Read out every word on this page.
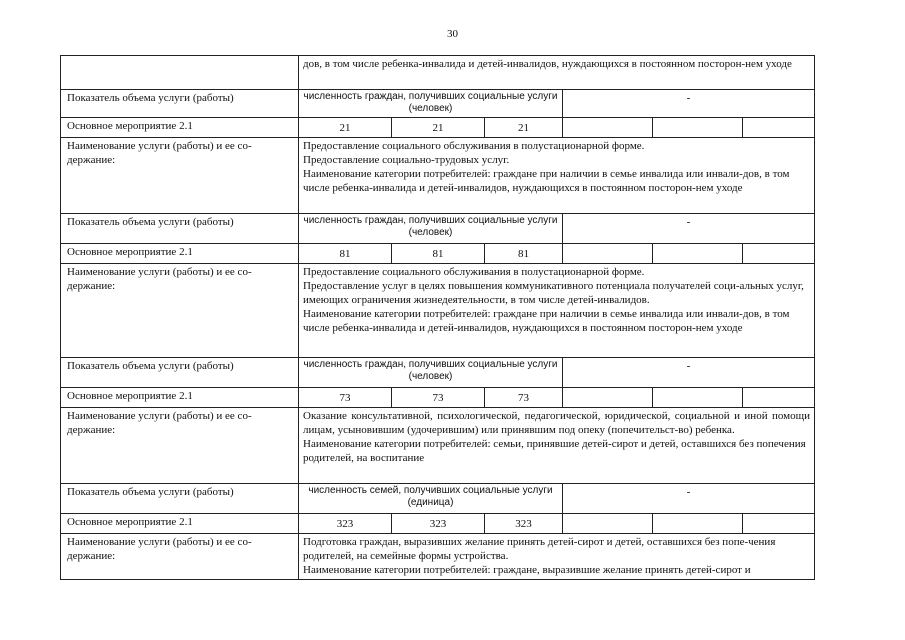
30

	дов, в том числе ребенка-инвалида и детей-инвалидов, нуждающихся в постоянном посторон-нем уходе					

Показатель объема услуги (работы)	численность граждан, получивших социальные услуги (человек)			-		
Основное мероприятие 2.1	21	21	21			
Наименование услуги (работы) и ее со-держание:	Предоставление социального обслуживания в полустационарной форме.

Предоставление социально-трудовых услуг.

Наименование категории потребителей: граждане при наличии в семье инвалида или инвали-дов, в том числе ребенка-инвалида и детей-инвалидов, нуждающихся в постоянном посторон-нем уходе					

Показатель объема услуги (работы)	численность граждан, получивших социальные услуги (человек)			-		
Основное мероприятие 2.1	81	81	81			
Наименование услуги (работы) и ее со-держание:	Предоставление социального обслуживания в полустационарной форме.

Предоставление услуг в целях повышения коммуникативного потенциала получателей соци-альных услуг, имеющих ограничения жизнедеятельности, в том числе детей-инвалидов.

Наименование категории потребителей: граждане при наличии в семье инвалида или инвали-дов, в том числе ребенка-инвалида и детей-инвалидов, нуждающихся в постоянном посторон-нем уходе					

Показатель объема услуги (работы)	численность граждан, получивших социальные услуги (человек)			-		
Основное мероприятие 2.1	73	73	73			
Наименование услуги (работы) и ее со-держание:	Оказание консультативной, психологической, педагогической, юридической, социальной и иной помощи лицам, усыновившим (удочерившим) или принявшим под опеку (попечительст-во) ребенка.

Наименование категории потребителей: семьи, принявшие детей-сирот и детей, оставшихся без попечения родителей, на воспитание					

Показатель объема услуги (работы)	численность семей, получивших социальные услуги (единица)			-		
Основное мероприятие 2.1	323	323	323			
Наименование услуги (работы) и ее со-держание:	Подготовка граждан, выразивших желание принять детей-сирот и детей, оставшихся без попе-чения родителей, на семейные формы устройства.

Наименование категории потребителей: граждане, выразившие желание принять детей-сирот и					
